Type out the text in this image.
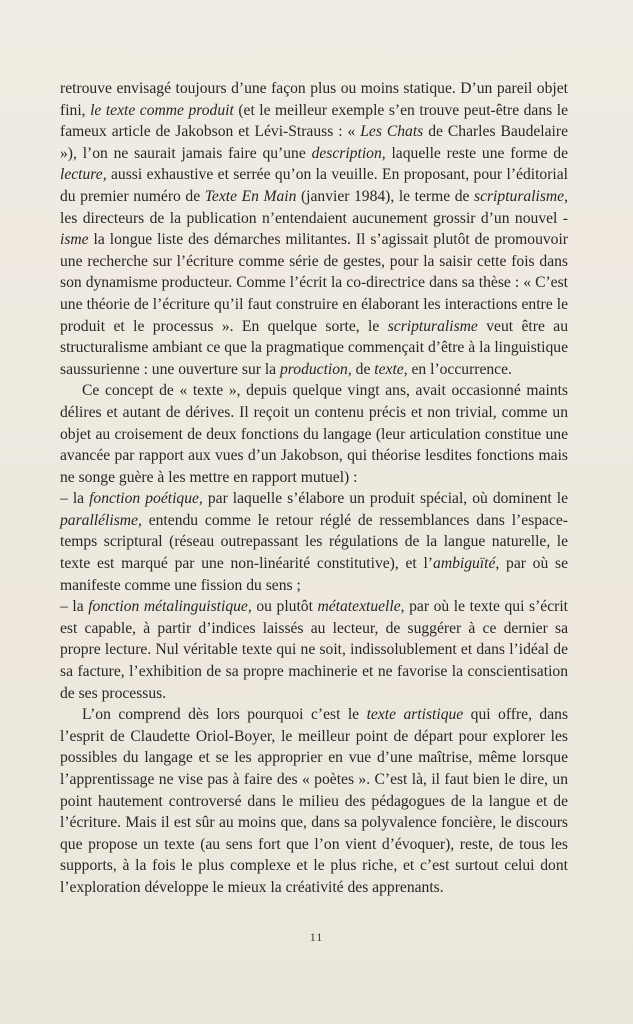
retrouve envisagé toujours d’une façon plus ou moins statique. D’un pareil objet fini, le texte comme produit (et le meilleur exemple s’en trouve peut-être dans le fameux article de Jakobson et Lévi-Strauss : « Les Chats de Charles Baudelaire »), l’on ne saurait jamais faire qu’une description, laquelle reste une forme de lecture, aussi exhaustive et serrée qu’on la veuille. En proposant, pour l’éditorial du premier numéro de Texte En Main (janvier 1984), le terme de scripturalisme, les directeurs de la publication n’entendaient aucunement grossir d’un nouvel -isme la longue liste des démarches militantes. Il s’agissait plutôt de promouvoir une recherche sur l’écriture comme série de gestes, pour la saisir cette fois dans son dynamisme producteur. Comme l’écrit la co-directrice dans sa thèse : « C’est une théorie de l’écriture qu’il faut construire en élaborant les interactions entre le produit et le processus ». En quelque sorte, le scripturalisme veut être au structuralisme ambiant ce que la pragmatique commençait d’être à la linguistique saussurienne : une ouverture sur la production, de texte, en l’occurrence.

Ce concept de « texte », depuis quelque vingt ans, avait occasionné maints délires et autant de dérives. Il reçoit un contenu précis et non trivial, comme un objet au croisement de deux fonctions du langage (leur articulation constitue une avancée par rapport aux vues d’un Jakobson, qui théorise lesdites fonctions mais ne songe guère à les mettre en rapport mutuel) :

– la fonction poétique, par laquelle s’élabore un produit spécial, où dominent le parallélisme, entendu comme le retour réglé de ressemblances dans l’espace-temps scriptural (réseau outrepassant les régulations de la langue naturelle, le texte est marqué par une non-linéarité constitutive), et l’ambiguïté, par où se manifeste comme une fission du sens ;

– la fonction métalinguistique, ou plutôt métatextuelle, par où le texte qui s’écrit est capable, à partir d’indices laissés au lecteur, de suggérer à ce dernier sa propre lecture. Nul véritable texte qui ne soit, indissolublement et dans l’idéal de sa facture, l’exhibition de sa propre machinerie et ne favorise la conscientisation de ses processus.

L’on comprend dès lors pourquoi c’est le texte artistique qui offre, dans l’esprit de Claudette Oriol-Boyer, le meilleur point de départ pour explorer les possibles du langage et se les approprier en vue d’une maîtrise, même lorsque l’apprentissage ne vise pas à faire des « poètes ». C’est là, il faut bien le dire, un point hautement controversé dans le milieu des pédagogues de la langue et de l’écriture. Mais il est sûr au moins que, dans sa polyvalence foncière, le discours que propose un texte (au sens fort que l’on vient d’évoquer), reste, de tous les supports, à la fois le plus complexe et le plus riche, et c’est surtout celui dont l’exploration développe le mieux la créativité des apprenants.

11
